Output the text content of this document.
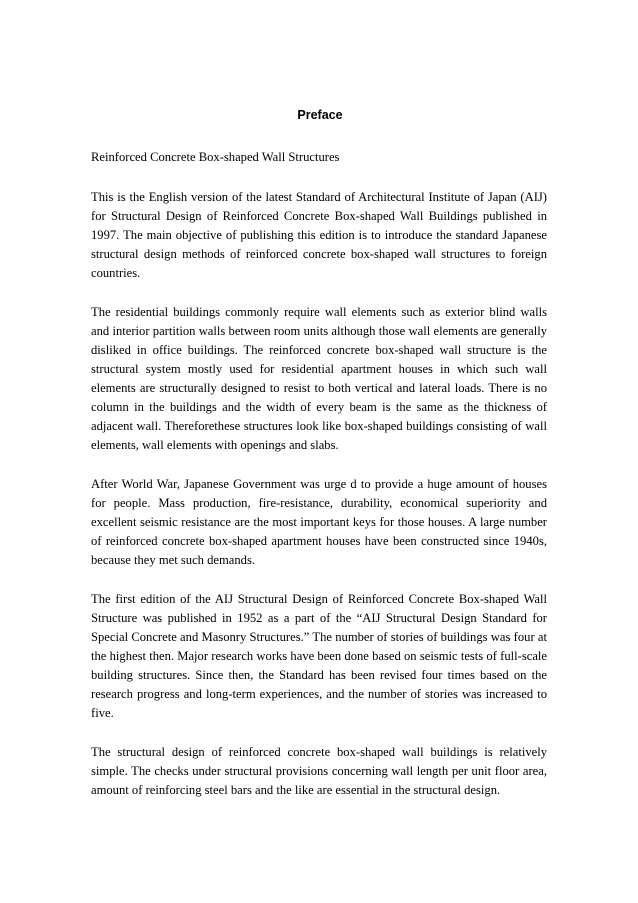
Preface

Reinforced Concrete Box-shaped Wall Structures

This is the English version of the latest Standard of Architectural Institute of Japan (AIJ) for Structural Design of Reinforced Concrete Box-shaped Wall Buildings published in 1997. The main objective of publishing this edition is to introduce the standard Japanese structural design methods of reinforced concrete box-shaped wall structures to foreign countries.

The residential buildings commonly require wall elements such as exterior blind walls and interior partition walls between room units although those wall elements are generally disliked in office buildings. The reinforced concrete box-shaped wall structure is the structural system mostly used for residential apartment houses in which such wall elements are structurally designed to resist to both vertical and lateral loads. There is no column in the buildings and the width of every beam is the same as the thickness of adjacent wall. Thereforethese structures look like box-shaped buildings consisting of wall elements, wall elements with openings and slabs.

After World War, Japanese Government was urge d to provide a huge amount of houses for people. Mass production, fire-resistance, durability, economical superiority and excellent seismic resistance are the most important keys for those houses. A large number of reinforced concrete box-shaped apartment houses have been constructed since 1940s, because they met such demands.

The first edition of the AIJ Structural Design of Reinforced Concrete Box-shaped Wall Structure was published in 1952 as a part of the “AIJ Structural Design Standard for Special Concrete and Masonry Structures.” The number of stories of buildings was four at the highest then. Major research works have been done based on seismic tests of full-scale building structures. Since then, the Standard has been revised four times based on the research progress and long-term experiences, and the number of stories was increased to five.

The structural design of reinforced concrete box-shaped wall buildings is relatively simple. The checks under structural provisions concerning wall length per unit floor area, amount of reinforcing steel bars and the like are essential in the structural design.
